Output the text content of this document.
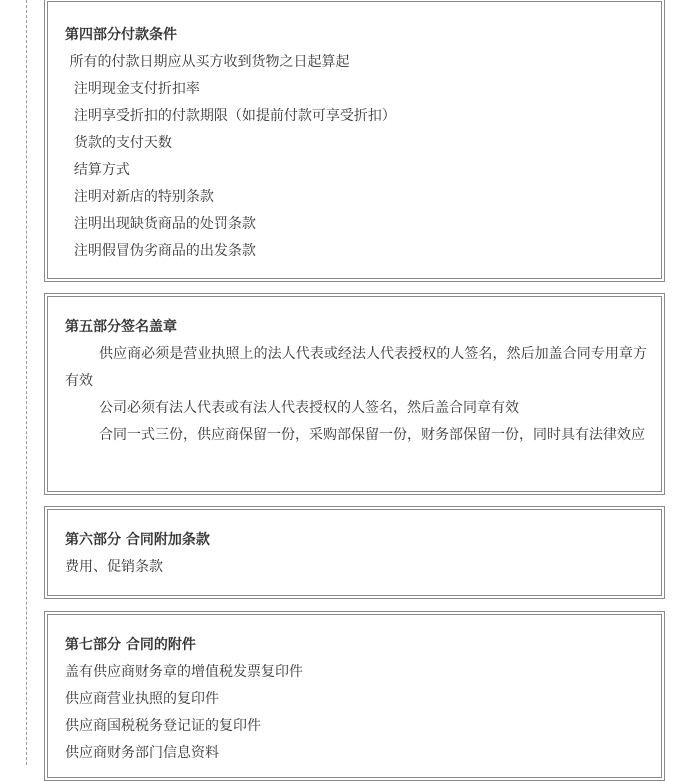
第四部分付款条件
所有的付款日期应从买方收到货物之日起算起
注明现金支付折扣率
注明享受折扣的付款期限（如提前付款可享受折扣）
货款的支付天数
结算方式
注明对新店的特别条款
注明出现缺货商品的处罚条款
注明假冒伪劣商品的出发条款
第五部分签名盖章
供应商必须是营业执照上的法人代表或经法人代表授权的人签名，然后加盖合同专用章方有效
公司必须有法人代表或有法人代表授权的人签名，然后盖合同章有效
合同一式三份，供应商保留一份，采购部保留一份，财务部保留一份，同时具有法律效应
第六部分 合同附加条款
费用、促销条款
第七部分 合同的附件
盖有供应商财务章的增值税发票复印件
供应商营业执照的复印件
供应商国税税务登记证的复印件
供应商财务部门信息资料
